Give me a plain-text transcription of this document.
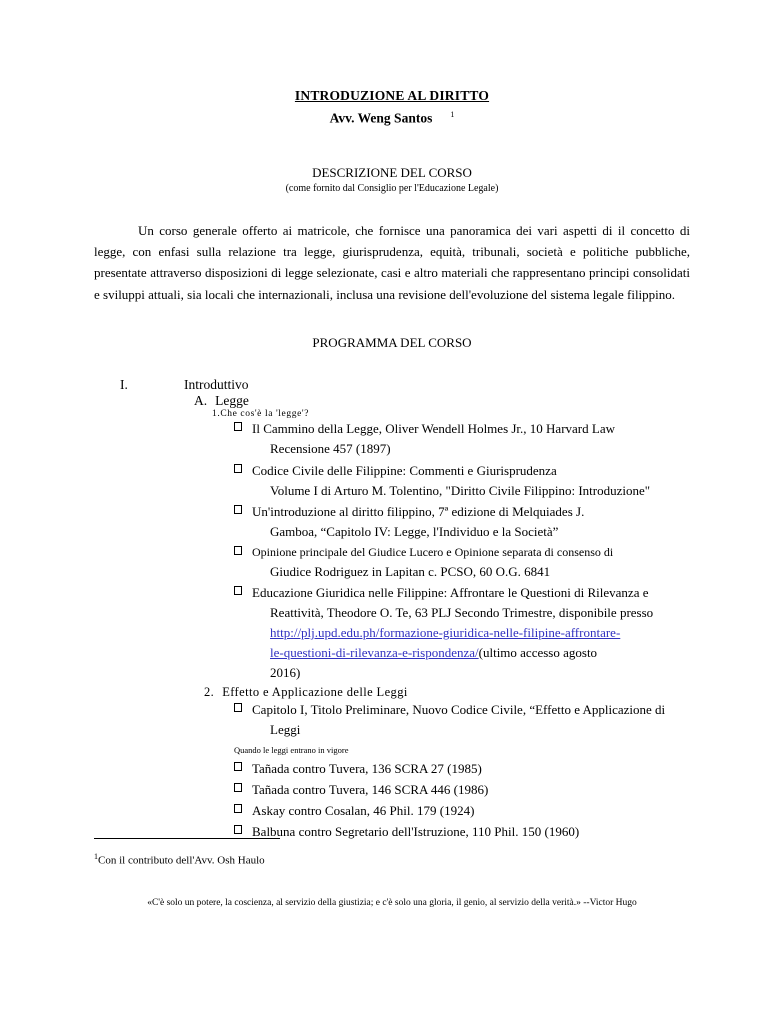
INTRODUZIONE AL DIRITTO
Avv. Weng Santos $^1$
DESCRIZIONE DEL CORSO
(come fornito dal Consiglio per l'Educazione Legale)

Un corso generale offerto ai matricole, che fornisce una panoramica dei vari aspetti di il concetto di legge, con enfasi sulla relazione tra legge, giurisprudenza, equità, tribunali, società e politiche pubbliche, presentate attraverso disposizioni di legge selezionate, casi e altro materiali che rappresentano principi consolidati e sviluppi attuali, sia locali che internazionali, inclusa una revisione dell'evoluzione del sistema legale filippino.

PROGRAMMA DEL CORSO
I.	Introduttivo
A. Legge
1.Che cos'è la 'legge'?
Il Cammino della Legge, Oliver Wendell Holmes Jr., 10 Harvard Law
Recensione 457 (1897)
Codice Civile delle Filippine: Commenti e Giurisprudenza
Volume I di Arturo M. Tolentino, "Diritto Civile Filippino: Introduzione"
Un'introduzione al diritto filippino, 7ª edizione di Melquiades J.
Gamboa, “Capitolo IV: Legge, l'Individuo e la Società”
Opinione principale del Giudice Lucero e Opinione separata di consenso di
Giudice Rodriguez in Lapitan c. PCSO, 60 O.G. 6841
Educazione Giuridica nelle Filippine: Affrontare le Questioni di Rilevanza e
Reattività, Theodore O. Te, 63 PLJ Secondo Trimestre, disponibile presso
http://plj.upd.edu.ph/formazione-giuridica-nelle-filipine-affrontare-
le-questioni-di-rilevanza-e-rispondenza/(ultimo accesso agosto
2016)
2. Effetto e Applicazione delle Leggi
Capitolo I, Titolo Preliminare, Nuovo Codice Civile, “Effetto e Applicazione di
Leggi
Quando le leggi entrano in vigore
Tañada contro Tuvera, 136 SCRA 27 (1985)
Tañada contro Tuvera, 146 SCRA 446 (1986)
Askay contro Cosalan, 46 Phil. 179 (1924)
Balbuna contro Segretario dell'Istruzione, 110 Phil. 150 (1960)
$^1$Con il contributo dell'Avv. Osh Haulo
«C'è solo un potere, la coscienza, al servizio della giustizia; e c'è solo una gloria, il genio, al servizio della verità.» --Victor Hugo
